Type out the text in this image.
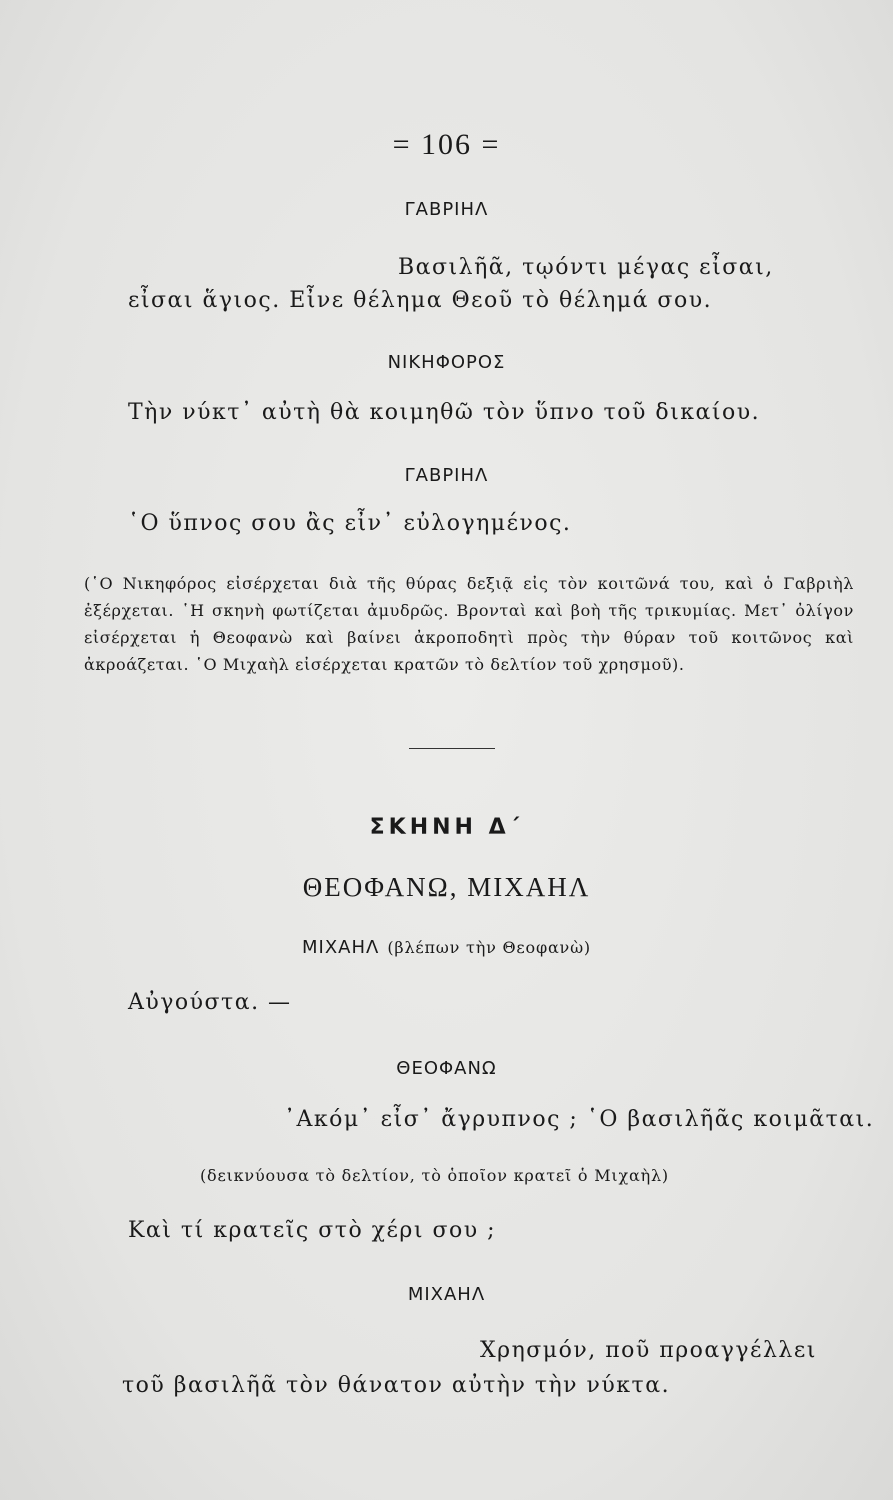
= 106 =
ΓΑΒΡΙΗΛ
Βασιλῆᾶ, τῳόντι μέγας εἶσαι,
εἶσαι ἅγιος. Εἶνε θέλημα Θεοῦ τὸ θέλημά σου.
ΝΙΚΗΦΟΡΟΣ
Τὴν νύκτ᾽ αὐτὴ θὰ κοιμηθῶ τὸν ὕπνο τοῦ δικαίου.
ΓΑΒΡΙΗΛ
῾Ο ὕπνος σου ἂς εἶν᾽ εὐλογημένος.
(῾Ο Νικηφόρος εἰσέρχεται διὰ τῆς θύρας δεξιᾷ εἰς τὸν κοιτῶνά του, καὶ ὁ Γαβριὴλ ἐξέρχεται. ῾Η σκηνὴ φωτίζεται ἀμυδρῶς. Βρονταὶ καὶ βοὴ τῆς τρικυμίας. Μετ᾽ ὀλίγον εἰσέρχεται ἡ Θεοφανὼ καὶ βαίνει ἀκροποδητὶ πρὸς τὴν θύραν τοῦ κοιτῶνος καὶ ἀκροάζεται. ῾Ο Μιχαὴλ εἰσέρχεται κρατῶν τὸ δελτίον τοῦ χρησμοῦ).
ΣΚΗΝΗ Δ΄
ΘΕΟΦΑΝΩ, ΜΙΧΑΗΛ
ΜΙΧΑΗΛ (βλέπων τὴν Θεοφανὼ)
Αὐγούστα. —
ΘΕΟΦΑΝΩ
᾽Ακόμ᾽ εἶσ᾽ ἄγρυπνος ; ῾Ο βασιλῆᾶς κοιμᾶται.
(δεικνύουσα τὸ δελτίον, τὸ ὁποῖον κρατεῖ ὁ Μιχαὴλ)
Καὶ τί κρατεῖς στὸ χέρι σου ;
ΜΙΧΑΗΛ
Χρησμόν, ποῦ προαγγέλλει
τοῦ βασιλῆᾶ τὸν θάνατον αὐτὴν τὴν νύκτα.
